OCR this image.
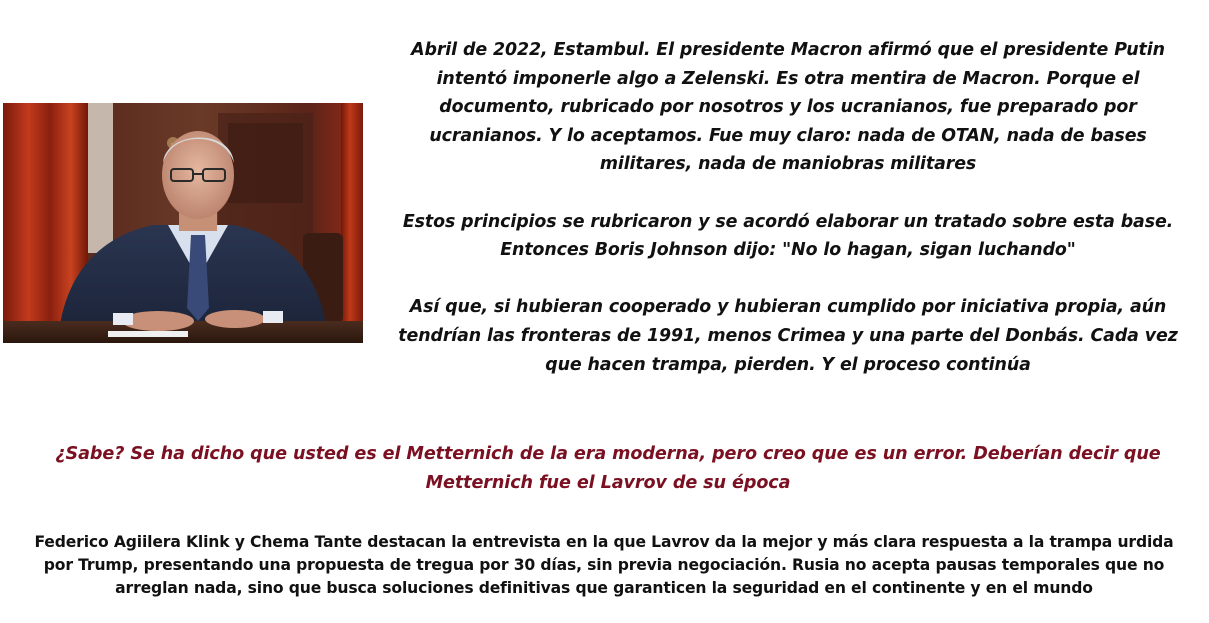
Abril de 2022, Estambul. El presidente Macron afirmó que el presidente Putin intentó imponerle algo a Zelenski. Es otra mentira de Macron. Porque el documento, rubricado por nosotros y los ucranianos, fue preparado por ucranianos. Y lo aceptamos. Fue muy claro: nada de OTAN, nada de bases militares, nada de maniobras militares

Estos principios se rubricaron y se acordó elaborar un tratado sobre esta base. Entonces Boris Johnson dijo: "No lo hagan, sigan luchando"

Así que, si hubieran cooperado y hubieran cumplido por iniciativa propia, aún tendrían las fronteras de 1991, menos Crimea y una parte del Donbás. Cada vez que hacen trampa, pierden. Y el proceso continúa

¿Sabe? Se ha dicho que usted es el Metternich de la era moderna, pero creo que es un error. Deberían decir que Metternich fue el Lavrov de su época
Federico Agiilera Klink y Chema Tante destacan la entrevista en la que Lavrov da la mejor y más clara respuesta a la trampa urdida por Trump, presentando una propuesta de tregua por 30 días, sin previa negociación. Rusia no acepta pausas temporales que no arreglan nada, sino que busca soluciones definitivas que garanticen la seguridad en el continente y en el mundo
